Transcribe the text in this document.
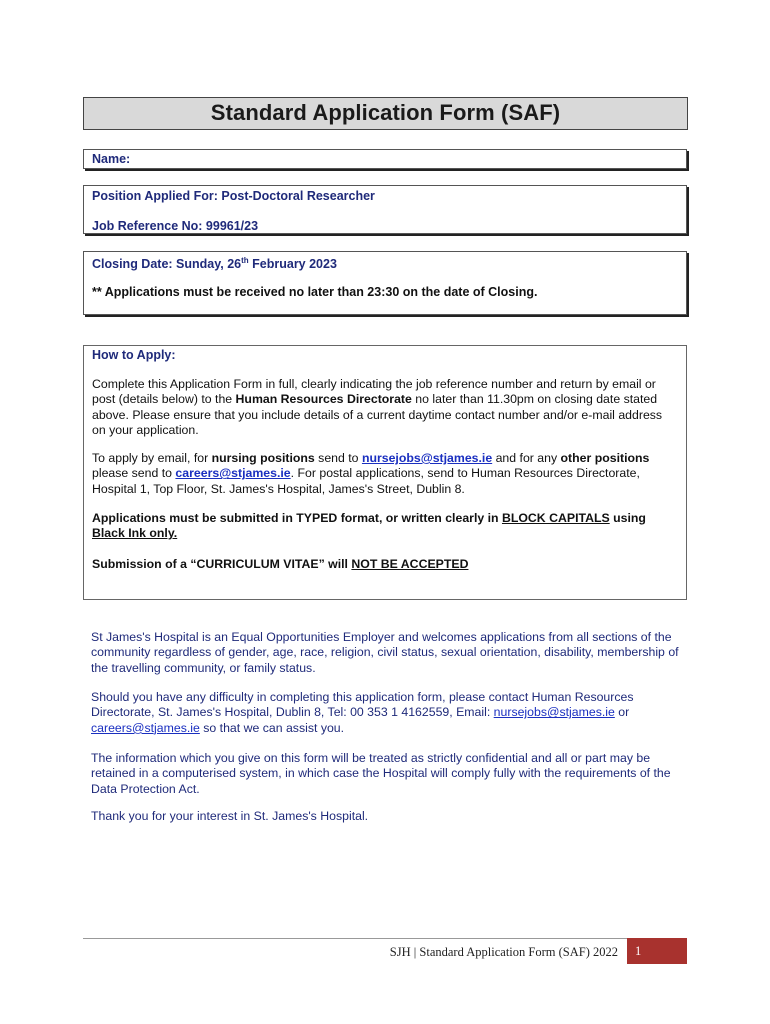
Standard Application Form (SAF)
Name:
Position Applied For: Post-Doctoral Researcher
Job Reference No: 99961/23
Closing Date: Sunday, 26th February 2023
** Applications must be received no later than 23:30 on the date of Closing.
How to Apply:
Complete this Application Form in full, clearly indicating the job reference number and return by email or post (details below) to the Human Resources Directorate no later than 11.30pm on closing date stated above. Please ensure that you include details of a current daytime contact number and/or e-mail address on your application.
To apply by email, for nursing positions send to nursejobs@stjames.ie and for any other positions please send to careers@stjames.ie. For postal applications, send to Human Resources Directorate, Hospital 1, Top Floor, St. James's Hospital, James's Street, Dublin 8.
Applications must be submitted in TYPED format, or written clearly in BLOCK CAPITALS using Black Ink only.
Submission of a “CURRICULUM VITAE” will NOT BE ACCEPTED
St James's Hospital is an Equal Opportunities Employer and welcomes applications from all sections of the community regardless of gender, age, race, religion, civil status, sexual orientation, disability, membership of the travelling community, or family status.
Should you have any difficulty in completing this application form, please contact Human Resources Directorate, St. James's Hospital, Dublin 8, Tel: 00 353 1 4162559, Email: nursejobs@stjames.ie or careers@stjames.ie so that we can assist you.
The information which you give on this form will be treated as strictly confidential and all or part may be retained in a computerised system, in which case the Hospital will comply fully with the requirements of the Data Protection Act.
Thank you for your interest in St. James's Hospital.
SJH | Standard Application Form (SAF) 2022 1
